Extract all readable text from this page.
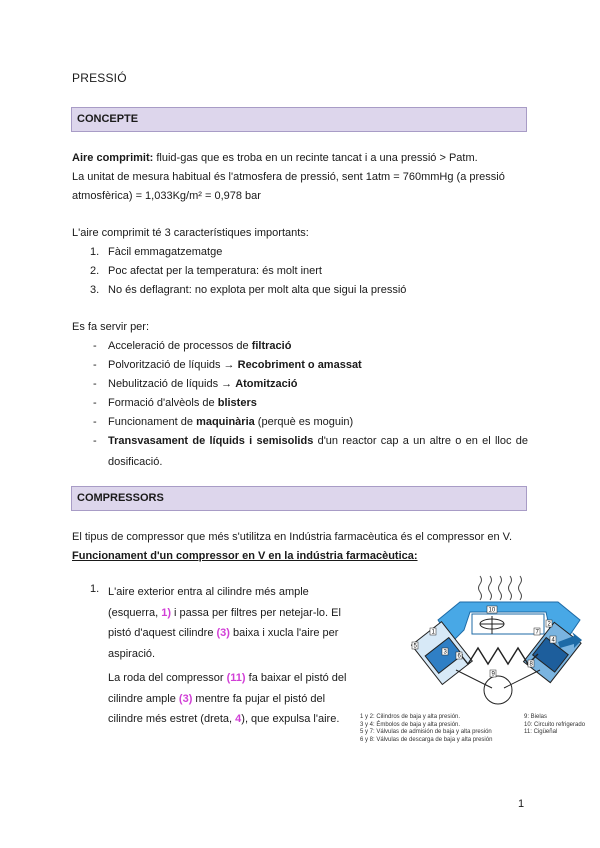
PRESSIÓ
CONCEPTE
Aire comprimit: fluid-gas que es troba en un recinte tancat i a una pressió > Patm.
La unitat de mesura habitual és l'atmosfera de pressió, sent 1atm = 760mmHg (a pressió
atmosfèrica) = 1,033Kg/m² = 0,978 bar
L'aire comprimit té 3 característiques importants:
1. Fàcil emmagatzematge
2. Poc afectat per la temperatura: és molt inert
3. No és deflagrant: no explota per molt alta que sigui la pressió
Es fa servir per:
- Acceleració de processos de filtració
- Polvorització de líquids → Recobriment o amassat
- Nebulització de líquids → Atomització
- Formació d'alvèols de blisters
- Funcionament de maquinària (perquè es moguin)
- Transvasament de líquids i semisolids d'un reactor cap a un altre o en el lloc de
dosificació.
COMPRESSORS
El tipus de compressor que més s'utilitza en Indústria farmacèutica és el compressor en V.
Funcionament d'un compressor en V en la indústria farmacèutica:
1. L'aire exterior entra al cilindre més ample
(esquerra, 1) i passa per filtres per netejar-lo. El
pistó d'aquest cilindre (3) baixa i xucla l'aire per
aspiració.
La roda del compressor (11) fa baixar el pistó del
cilindre ample (3) mentre fa pujar el pistó del
cilindre més estret (dreta, 4), que expulsa l'aire.
10
1
2
3
4
5
6
7
8
9
1 y 2: Cilindros de baja y alta presión.
3 y 4: Émbolos de baja y alta presión.
5 y 7: Válvulas de admisión de baja y alta presión
6 y 8: Válvulas de descarga de baja y alta presión
9: Bielas
10: Circuito refrigerado
11: Cigüeñal
1
